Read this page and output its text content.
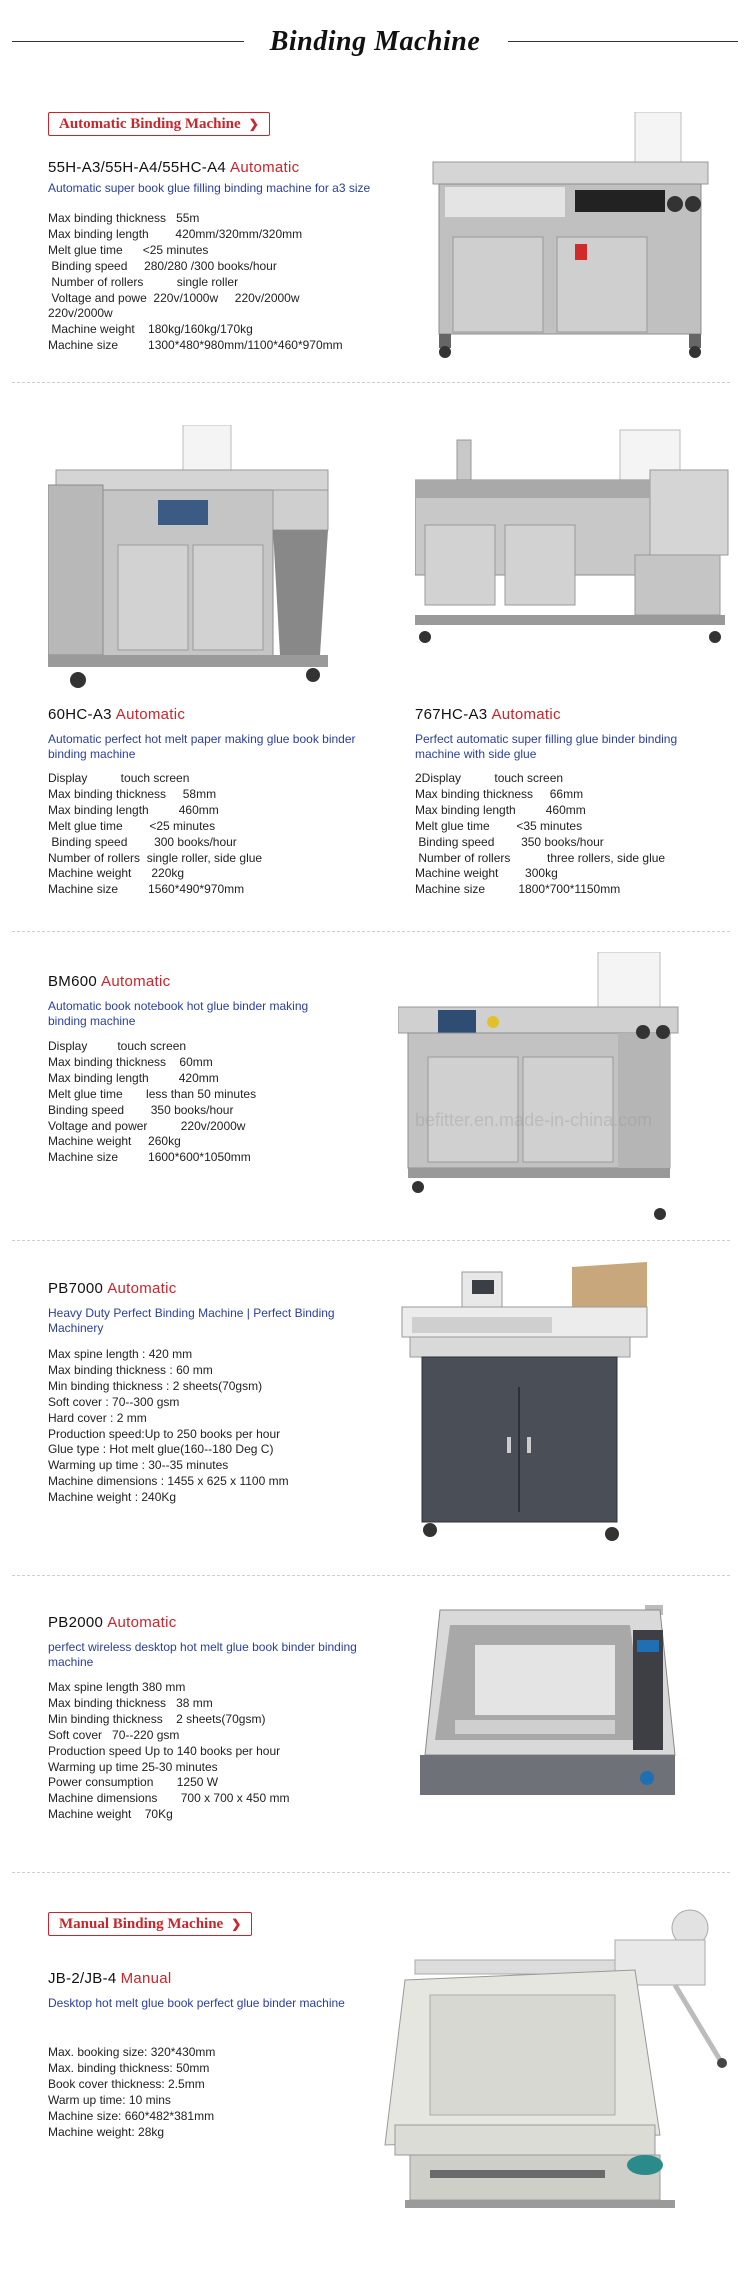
Binding Machine
Automatic Binding Machine ❯
55H-A3/55H-A4/55HC-A4 Automatic
Automatic super book glue filling binding machine for a3 size
Max binding thickness   55m
Max binding length        420mm/320mm/320mm
Melt glue time      <25 minutes
Binding speed     280/280 /300 books/hour
Number of rollers          single roller
Voltage and powe  220v/1000w     220v/2000w
220v/2000w
Machine weight    180kg/160kg/170kg
Machine size         1300*480*980mm/1100*460*970mm
60HC-A3 Automatic
Automatic perfect hot melt paper making glue book binder binding machine
Display          touch screen
Max binding thickness     58mm
Max binding length         460mm
Melt glue time        <25 minutes
Binding speed        300 books/hour
Number of rollers  single roller, side glue
Machine weight      220kg
Machine size         1560*490*970mm
767HC-A3 Automatic
Perfect automatic super filling glue binder binding machine with side glue
2Display          touch screen
Max binding thickness     66mm
Max binding length         460mm
Melt glue time        <35 minutes
Binding speed        350 books/hour
Number of rollers           three rollers, side glue
Machine weight        300kg
Machine size          1800*700*1150mm
BM600 Automatic
Automatic book notebook hot glue binder making binding machine
Display         touch screen
Max binding thickness    60mm
Max binding length         420mm
Melt glue time       less than 50 minutes
Binding speed        350 books/hour
Voltage and power          220v/2000w
Machine weight     260kg
Machine size         1600*600*1050mm
befitter.en.made-in-china.com
PB7000 Automatic
Heavy Duty Perfect Binding Machine | Perfect Binding Machinery
Max spine length : 420 mm
Max binding thickness : 60 mm
Min binding thickness : 2 sheets(70gsm)
Soft cover : 70--300 gsm
Hard cover : 2 mm
Production speed:Up to 250 books per hour
Glue type : Hot melt glue(160--180 Deg C)
Warming up time : 30--35 minutes
Machine dimensions : 1455 x 625 x 1100 mm
Machine weight : 240Kg
PB2000 Automatic
perfect wireless desktop hot melt glue book binder binding machine
Max spine length 380 mm
Max binding thickness   38 mm
Min binding thickness    2 sheets(70gsm)
Soft cover   70--220 gsm
Production speed Up to 140 books per hour
Warming up time 25-30 minutes
Power consumption       1250 W
Machine dimensions       700 x 700 x 450 mm
Machine weight    70Kg
Manual Binding Machine ❯
JB-2/JB-4 Manual
Desktop hot melt glue book perfect glue binder machine
Max. booking size: 320*430mm
Max. binding thickness: 50mm
Book cover thickness: 2.5mm
Warm up time: 10 mins
Machine size: 660*482*381mm
Machine weight: 28kg
